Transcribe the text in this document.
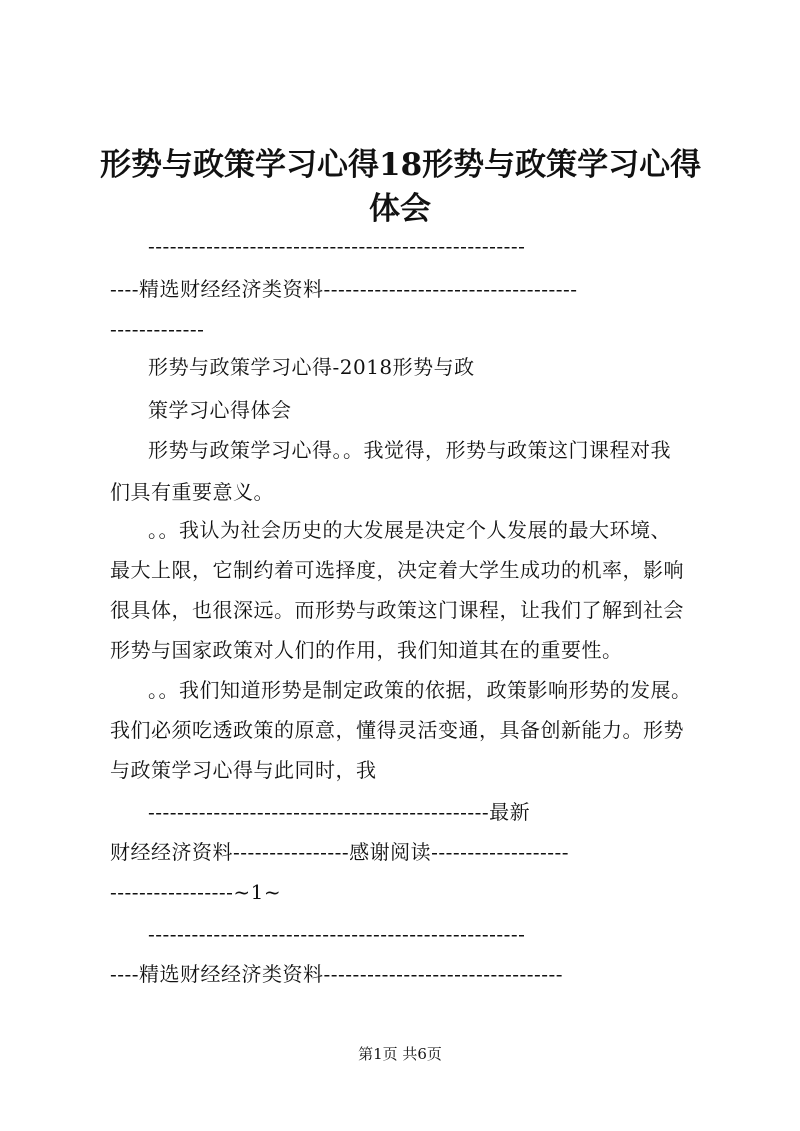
形势与政策学习心得18形势与政策学习心得
体会
----------------------------------------------------
----精选财经经济类资料-----------------------------------
-------------
形势与政策学习心得-2018形势与政
策学习心得体会
形势与政策学习心得。。我觉得，形势与政策这门课程对我
们具有重要意义。
。。我认为社会历史的大发展是决定个人发展的最大环境、
最大上限，它制约着可选择度，决定着大学生成功的机率，影响
很具体，也很深远。而形势与政策这门课程，让我们了解到社会
形势与国家政策对人们的作用，我们知道其在的重要性。
。。我们知道形势是制定政策的依据，政策影响形势的发展。
我们必须吃透政策的原意，懂得灵活变通，具备创新能力。形势
与政策学习心得与此同时，我
-----------------------------------------------最新
财经经济资料----------------感谢阅读-------------------
-----------------~1~
----------------------------------------------------
----精选财经经济类资料---------------------------------
第1页 共6页
